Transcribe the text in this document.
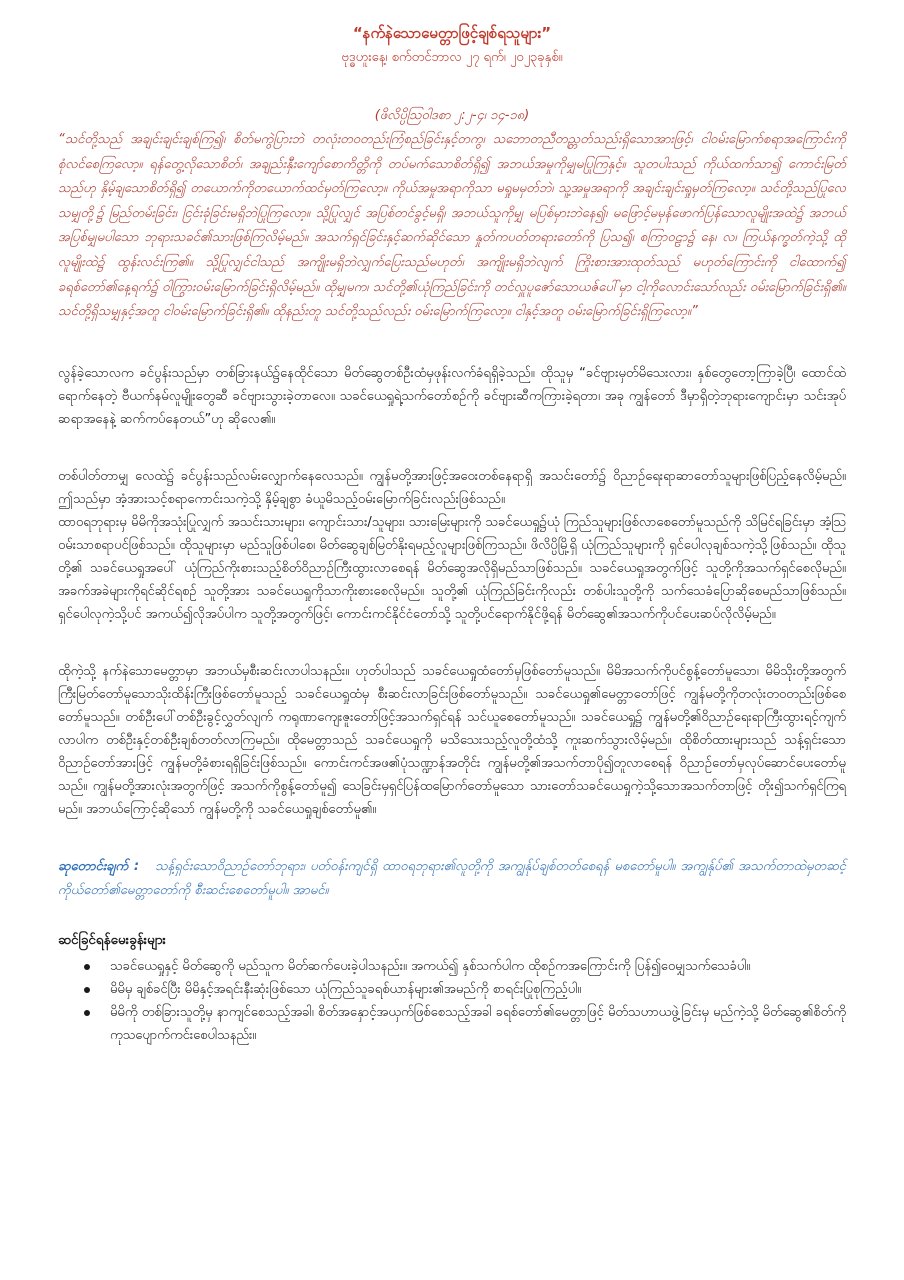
“နက်နဲသောမေတ္တာဖြင့်ချစ်ရသူများ”

ဗုဒ္ဓဟူးနေ့၊ စက်တင်ဘာလ ၂၇ ရက်၊ ၂၀၂၃ခုနှစ်။

(ဖိလိပ္ပိဩဝါဒစာ ၂:၂-၄၊ ၁၄-၁၈)

“သင်တို့သည် အချင်းချင်းချစ်ကြ၍၊ စိတ်မကွဲပြားဘဲ တလုံးတဝတည်းကြံစည်ခြင်းနှင့်တကွ၊ သဘောတညီတည္တတ်သည်းရှိသောအားဖြင့်၊ ငါဝမ်းမြောက်စရာအကြောင်းကို စုံလင်စေကြလော့။ ရန်တွေ့လိုသောစိတ်၊ အချည်းနှီးကျော်စောကိတ္တိကို တပ်မက်သောစိတ်ရှိ၍ အဘယ်အမှုကိုမျှမပြုကြနှင့်။ သူတပါးသည် ကိုယ်ထက်သာ၍ ကောင်းမြတ်သည်ဟု နှိမ့်ချသောစိတ်ရှိ၍ တယောက်ကိုတယောက်ထင်မှတ်ကြလော့။ ကိုယ်အမှုအရာကိုသာ မရှုမမှတ်ဘဲ၊ သူ့အမှုအရာကို အချင်းချင်းရှုမှတ်ကြလော့။ သင်တို့သည်ပြုလေသမျှတို့၌ မြည်တမ်းခြင်း၊ ငြင်းခုံခြင်းမရှိဘဲပြုကြလော့။ သို့ပြုလျှင် အပြစ်တင်ခွင့်မရှိ၊ အဘယ်သူကိုမျှ မပြစ်မှားဘဲနေ၍၊ မဖြောင့်မမှန်ဖောက်ပြန်သောလူမျိုးအထဲ၌ အဘယ်အပြစ်မျှမပါသော ဘုရားသခင်၏သားဖြစ်ကြလိမ့်မည်။ အသက်ရှင်ခြင်းနှင့်ဆက်ဆိုင်သော နှုတ်ကပတ်တရားတော်ကို ပြသ၍၊ စကြာဝဠာ၌ နေ၊ လ၊ ကြယ်နက္ခတ်ကဲ့သို့ ထိုလူမျိုးထဲ၌ ထွန်းလင်းကြ၏။ သို့ပြုလျှင်ငါသည် အကျိုးမရှိဘဲလျှက်ပြေးသည်မဟုတ်၊ အကျိုးမရှိဘဲလျက် ကြိုးစားအားထုတ်သည် မဟုတ်ကြောင်းကို ငါထောက်၍ ခရစ်တော်၏နေ့ရက်၌ ဝါကြွားဝမ်းမြောက်ခြင်းရှိလိမ့်မည်။ ထိုမျှမက၊ သင်တို့၏ယုံကြည်ခြင်းကို တင်လှူပူဇော်သောယဇ်ပေါ်မှာ ငါ့ကိုလောင်းသော်လည်း ဝမ်းမြောက်ခြင်းရှိ၏။ သင်တို့ရှိသမျှနှင့်အတူ ငါဝမ်းမြောက်ခြင်းရှိ၏။ ထိုနည်းတူ သင်တို့သည်လည်း ဝမ်းမြောက်ကြလော့။ ငါနှင့်အတူ ဝမ်းမြောက်ခြင်းရှိကြလော့။”

လွန်ခဲ့သောလက ခင်ပွန်းသည်မှာ တစ်ခြားနယ်၌နေထိုင်သော မိတ်ဆွေတစ်ဦးထံမှဖုန်းလက်ခံရရှိခဲ့သည်။ ထိုသူမှ “ခင်ဗျားမှတ်မိသေးလား၊ နှစ်တွေတော့ကြာခဲ့ပြီ၊ ထောင်ထဲရောက်နေတဲ့ ဗီယက်နမ်လူမျိုးတွေဆီ ခင်ဗျားသွားခဲ့တာလေ။ သခင်ယေရှုရဲ့သက်တော်စဉ်ကို ခင်ဗျားဆီကကြားခဲ့ရတာ၊ အခု ကျွန်တော် ဒီမှာရှိတဲ့ဘုရားကျောင်းမှာ သင်းအုပ်ဆရာအနေနဲ့ ဆက်ကပ်နေတယ်”ဟု ဆိုလေ၏။

တစ်ပါတ်တာမျှ လေထဲ၌ ခင်ပွန်းသည်လမ်းလျှောက်နေလေသည်။ ကျွန်မတို့အားဖြင့်အဝေးတစ်နေရာရှိ အသင်းတော်၌ ဝိညာဉ်ရေးရာဆာတော်သူများဖြစ်ပြည့်နေလိမ့်မည်။ ဤသည်မှာ အံ့အားသင့်စရာကောင်းသကဲ့သို့ နှိမ့်ချစွာ ခံယူမိသည့်ဝမ်းမြောက်ခြင်းလည်းဖြစ်သည်။

ထာဝရဘုရားမှ မိမိကိုအသုံးပြုလျှက် အသင်းသားများ၊ ကျောင်းသား/သူများ၊ သားမြေးများကို သခင်ယေရှု၌ယုံ ကြည်သူများဖြစ်လာစေတော်မူသည်ကို သိမြင်ရခြင်းမှာ အံ့ဩဝမ်းသာစရာပင်ဖြစ်သည်။ ထိုသူများမှာ မည်သူဖြစ်ပါစေ၊ မိတ်ဆွေချစ်မြတ်နိုးရမည့်လူများဖြစ်ကြသည်။ ဖိလိပ္ပိမြို့ရှိ ယုံကြည်သူများကို ရှင်ပေါလုချစ်သကဲ့သို့ဖြစ်သည်။ ထိုသူတို့၏ သခင်ယေရှုအပေါ် ယုံကြည်ကိုးစားသည့်စိတ်ဝိညာဉ်ကြီးထွားလာစေရန် မိတ်ဆွေအလိုရှိမည်သာဖြစ်သည်။ သခင်ယေရှုအတွက်ဖြင့် သူတို့ကိုအသက်ရှင်စေလိုမည်။ အခက်အခဲများကိုရင်ဆိုင်ရစဉ် သူတို့အား သခင်ယေရှုကိုသာကိုးစားစေလိုမည်။ သူတို့၏ ယုံကြည်ခြင်းကိုလည်း တစ်ပါးသူတို့ကို သက်သေခံပြောဆိုစေမည်သာဖြစ်သည်။ ရှင်ပေါလုကဲ့သို့ပင် အကယ်၍လိုအပ်ပါက သူတို့အတွက်ဖြင့်၊ ကောင်းကင်နိုင်ငံတော်သို့ သူတို့ပင်ရောက်နိုင်ဖို့ရန် မိတ်ဆွေ၏အသက်ကိုပင်ပေးဆပ်လိုလိမ့်မည်။

ထိုကဲ့သို့ နက်နဲသောမေတ္တာမှာ အဘယ်မှစီးဆင်းလာပါသနည်း။ ဟုတ်ပါသည် သခင်ယေရှုထံတော်မှဖြစ်တော်မူသည်။ မိမိအသက်ကိုပင်စွန့်တော်မူသော၊ မိမိသိုးတို့အတွက် ကြီးမြတ်တော်မူသောသိုးထိန်းကြီးဖြစ်တော်မူသည့် သခင်ယေရှုထံမှ စီးဆင်းလာခြင်းဖြစ်တော်မူသည်။ သခင်ယေရှု၏မေတ္တာတော်ဖြင့် ကျွန်မတို့ကိုတလုံးတဝတည်းဖြစ်စေတော်မူသည်။ တစ်ဦးပေါ်တစ်ဦးခွင့်လွှတ်လျက် ကရုဏာကျေးဇူးတော်ဖြင့်အသက်ရှင်ရန် သင်ယူစေတော်မူသည်။ သခင်ယေရှု၌ ကျွန်မတို့၏ဝိညာဉ်ရေးရာကြီးထွားရင့်ကျက်လာပါက တစ်ဦးနှင့်တစ်ဦးချစ်တတ်လာကြမည်။ ထိုမေတ္တာသည် သခင်ယေရှုကို မသိသေးသည့်လူတို့ထံသို့ ကူးဆက်သွားလိမ့်မည်။ ထိုစိတ်ထားများသည် သန့်ရှင်းသောဝိညာဉ်တော်အားဖြင့် ကျွန်မတို့ခံစားရရှိခြင်းဖြစ်သည်။ ကောင်းကင်အဖ၏ပုံသဏ္ဍာန်အတိုင်း ကျွန်မတို့၏အသက်တာပို၍တူလာစေရန် ဝိညာဉ်တော်မှလုပ်ဆောင်ပေးတော်မူသည်။ ကျွန်မတို့အားလုံးအတွက်ဖြင့် အသက်ကိုစွန့်တော်မူ၍ သေခြင်းမှရှင်ပြန်ထမြောက်တော်မူသော သားတော်သခင်ယေရှုကဲ့သို့သောအသက်တာဖြင့် တိုး၍သက်ရှင်ကြရမည်။ အဘယ်ကြောင့်ဆိုသော် ကျွန်မတို့ကို သခင်ယေရှုချစ်တော်မူ၏။

ဆုတောင်းချက် : သန့်ရှင်းသောဝိညာဉ်တော်ဘုရား၊ ပတ်ဝန်းကျင်ရှိ ထာဝရဘုရား၏လူတို့ကို အကျွန်ုပ်ချစ်တတ်စေရန် မစတော်မူပါ။ အကျွန်ုပ်၏ အသက်တာထဲမှတဆင့် ကိုယ်တော်၏မေတ္တာတော်ကို စီးဆင်းစေတော်မူပါ။ အာမင်။

ဆင်ခြင်ရန်မေးခွန်းများ

သခင်ယေရှုနှင့် မိတ်ဆွေကို မည်သူက မိတ်ဆက်ပေးခဲ့ပါသနည်း။ အကယ်၍ နှစ်သက်ပါက ထိုစဉ်ကအကြောင်းကို ပြန်၍ဝေမျှသက်သေခံပါ။
မိမိမှ ချစ်ခင်ပြီး မိမိနှင့်အရင်းနီးဆုံးဖြစ်သော ယုံကြည်သူခရစ်ယာန်များ၏အမည်ကို စာရင်းပြုစုကြည့်ပါ။
မိမိကို တစ်ခြားသူတို့မှ နာကျင်စေသည့်အခါ၊ စိတ်အနှောင့်အယှက်ဖြစ်စေသည့်အခါ ခရစ်တော်၏မေတ္တာဖြင့် မိတ်သဟာယဖွဲ့ခြင်းမှ မည်ကဲ့သို့ မိတ်ဆွေ၏စိတ်ကို ကုသပျောက်ကင်းစေပါသနည်း။
